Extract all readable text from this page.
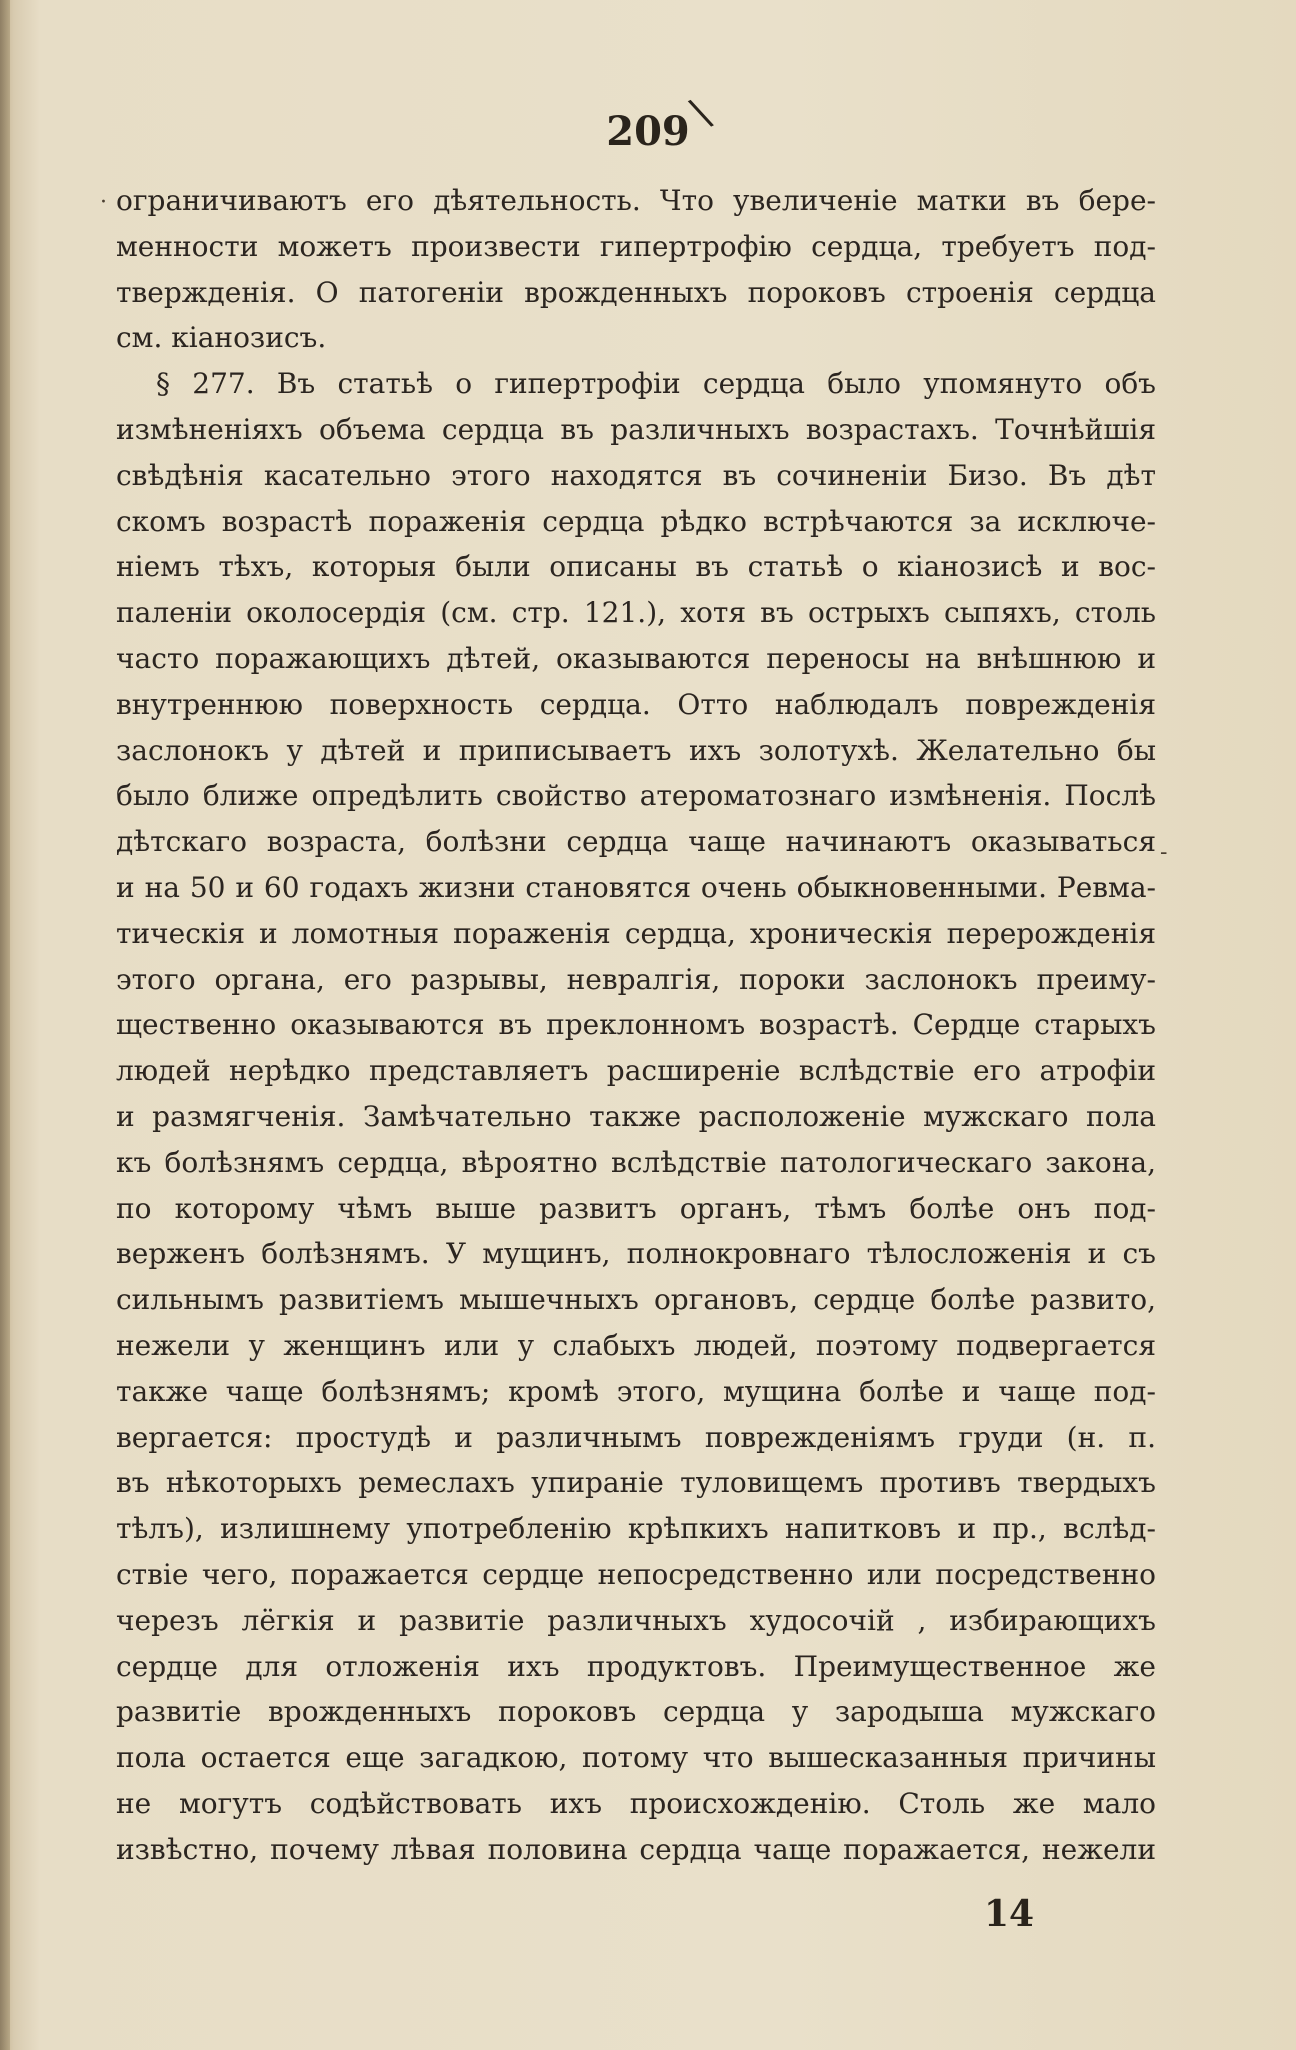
\
209
·
-
ограничиваютъ его дѣятельность. Что увеличеніе матки въ бере-
менности можетъ произвести гипертрофію сердца, требуетъ под-
твержденія. О патогеніи врожденныхъ пороковъ строенія сердца
см. кіанозисъ.
§ 277. Въ статьѣ о гипертрофіи сердца было упомянуто объ
измѣненіяхъ объема сердца въ различныхъ возрастахъ. Точнѣйшія
свѣдѣнія касательно этого находятся въ сочиненіи Бизо. Въ дѣт
скомъ возрастѣ пораженія сердца рѣдко встрѣчаются за исключе-
ніемъ тѣхъ, которыя были описаны въ статьѣ о кіанозисѣ и вос-
паленіи околосердія (см. стр. 121.), хотя въ острыхъ сыпяхъ, столь
часто поражающихъ дѣтей, оказываются переносы на внѣшнюю и
внутреннюю поверхность сердца. Отто наблюдалъ поврежденія
заслонокъ у дѣтей и приписываетъ ихъ золотухѣ. Желательно бы
было ближе опредѣлить свойство атероматознаго измѣненія. Послѣ
дѣтскаго возраста, болѣзни сердца чаще начинаютъ оказываться
и на 50 и 60 годахъ жизни становятся очень обыкновенными. Ревма-
тическія и ломотныя пораженія сердца, хроническія перерожденія
этого органа, его разрывы, невралгія, пороки заслонокъ преиму-
щественно оказываются въ преклонномъ возрастѣ. Сердце старыхъ
людей нерѣдко представляетъ расширеніе вслѣдствіе его атрофіи
и размягченія. Замѣчательно также расположеніе мужскаго пола
къ болѣзнямъ сердца, вѣроятно вслѣдствіе патологическаго закона,
по которому чѣмъ выше развитъ органъ, тѣмъ болѣе онъ под-
верженъ болѣзнямъ. У мущинъ, полнокровнаго тѣлосложенія и съ
сильнымъ развитіемъ мышечныхъ органовъ, сердце болѣе развито,
нежели у женщинъ или у слабыхъ людей, поэтому подвергается
также чаще болѣзнямъ; кромѣ этого, мущина болѣе и чаще под-
вергается: простудѣ и различнымъ поврежденіямъ груди (н. п.
въ нѣкоторыхъ ремеслахъ упираніе туловищемъ противъ твердыхъ
тѣлъ), излишнему употребленію крѣпкихъ напитковъ и пр., вслѣд-
ствіе чего, поражается сердце непосредственно или посредственно
черезъ лёгкія и развитіе различныхъ худосочій , избирающихъ
сердце для отложенія ихъ продуктовъ. Преимущественное же
развитіе врожденныхъ пороковъ сердца у зародыша мужскаго
пола остается еще загадкою, потому что вышесказанныя причины
не могутъ содѣйствовать ихъ происхожденію. Столь же мало
извѣстно, почему лѣвая половина сердца чаще поражается, нежели

14
